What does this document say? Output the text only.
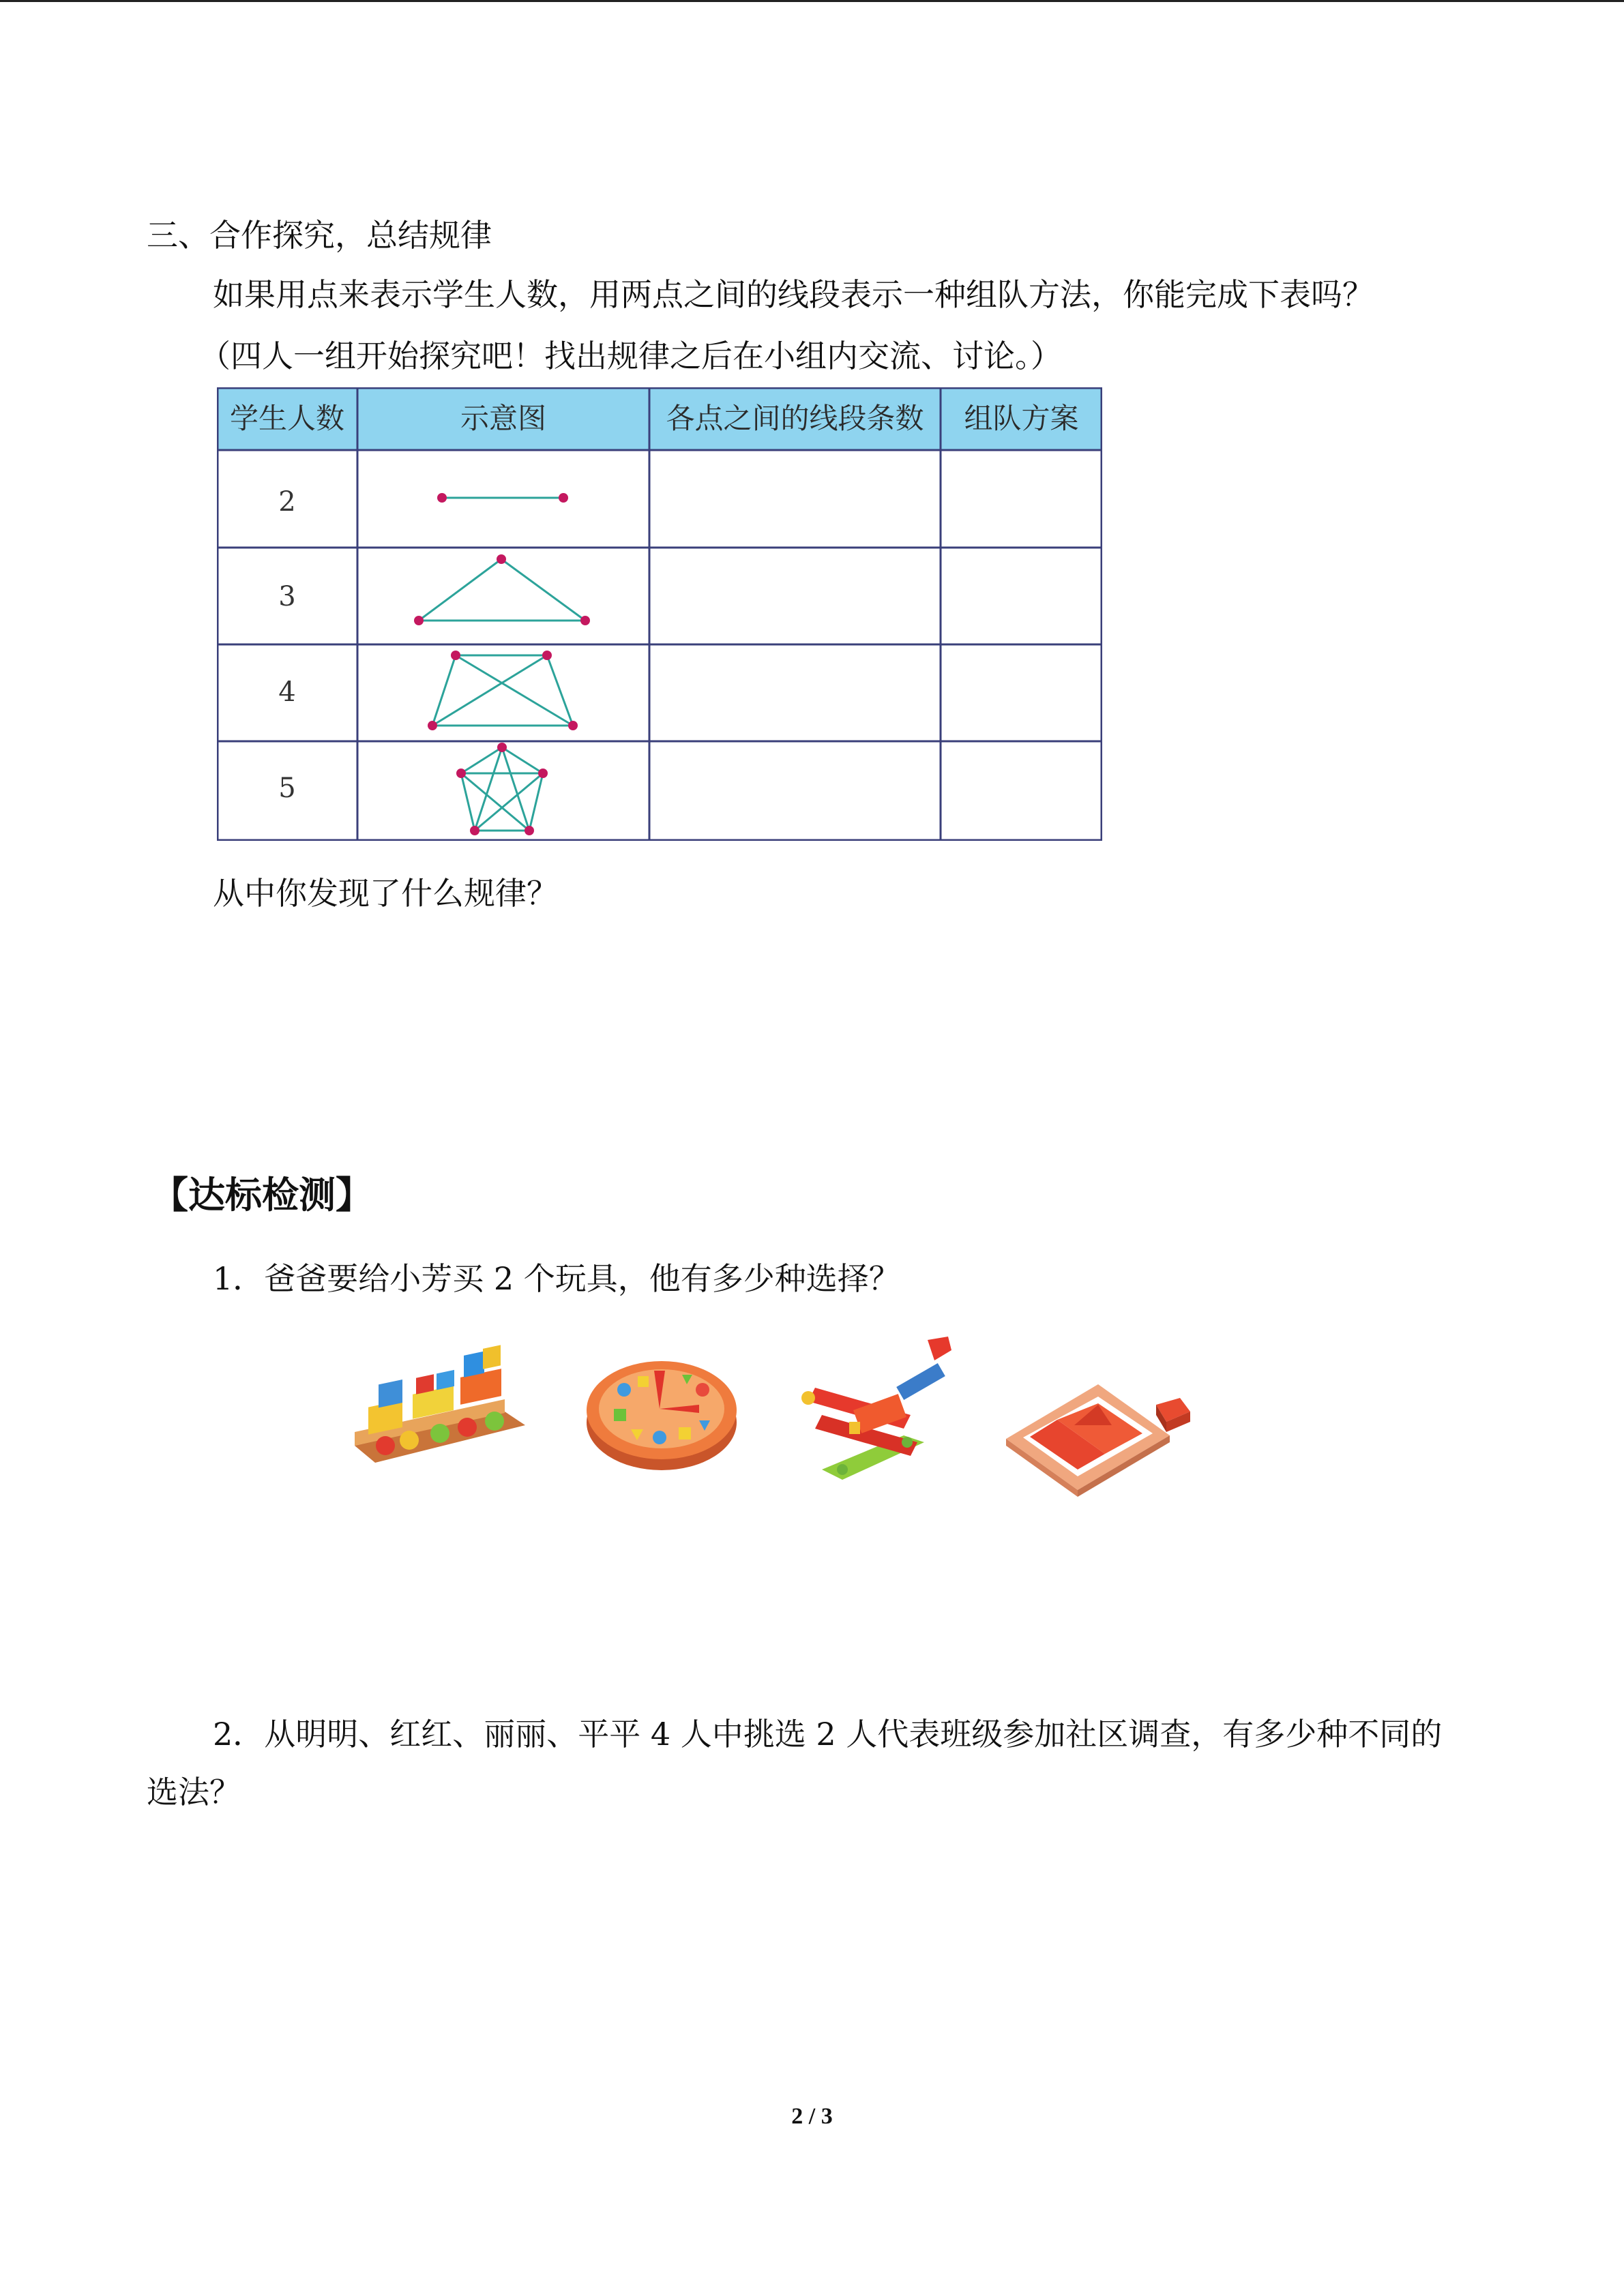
三、合作探究，总结规律
如果用点来表示学生人数，用两点之间的线段表示一种组队方法，你能完成下表吗？
（四人一组开始探究吧！找出规律之后在小组内交流、讨论。）
学生人数	示意图	各点之间的线段条数	组队方案
2
3
4
5
从中你发现了什么规律？
【达标检测】
1．爸爸要给小芳买 2 个玩具，他有多少种选择？
2．从明明、红红、丽丽、平平 4 人中挑选 2 人代表班级参加社区调查，有多少种不同的
选法？
2 / 3
